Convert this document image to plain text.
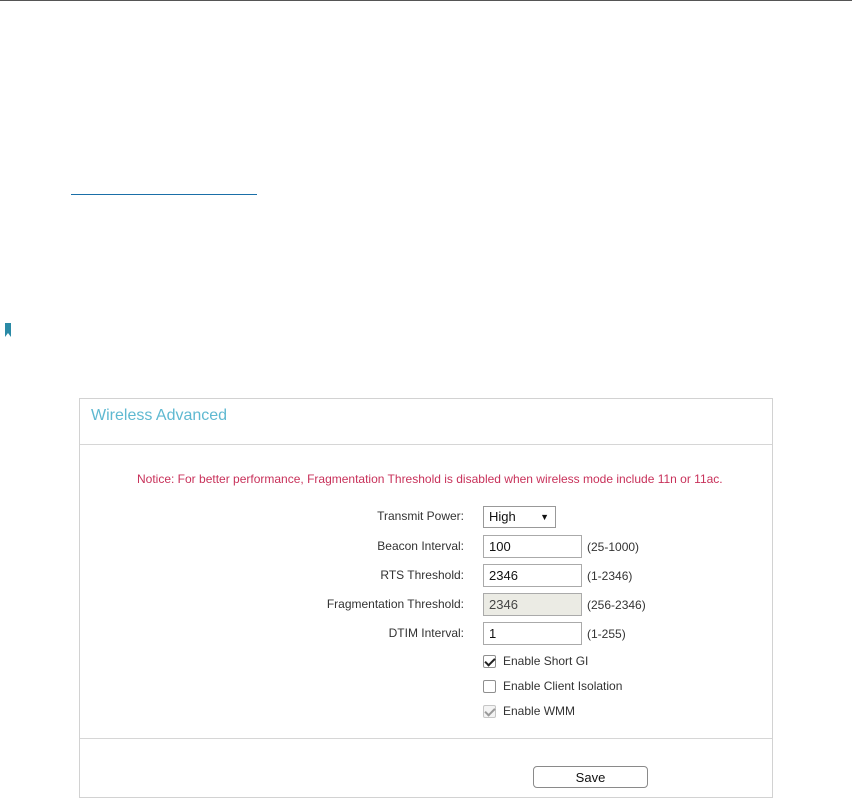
Wireless Advanced
Notice: For better performance, Fragmentation Threshold is disabled when wireless mode include 11n or 11ac.
Transmit Power:	High	▼
Beacon Interval:
100	(25-1000)
RTS Threshold:
2346	(1-2346)
Fragmentation Threshold:
2346	(256-2346)
DTIM Interval:
1	(1-255)
Enable Short GI
Enable Client Isolation
Enable WMM
Save
